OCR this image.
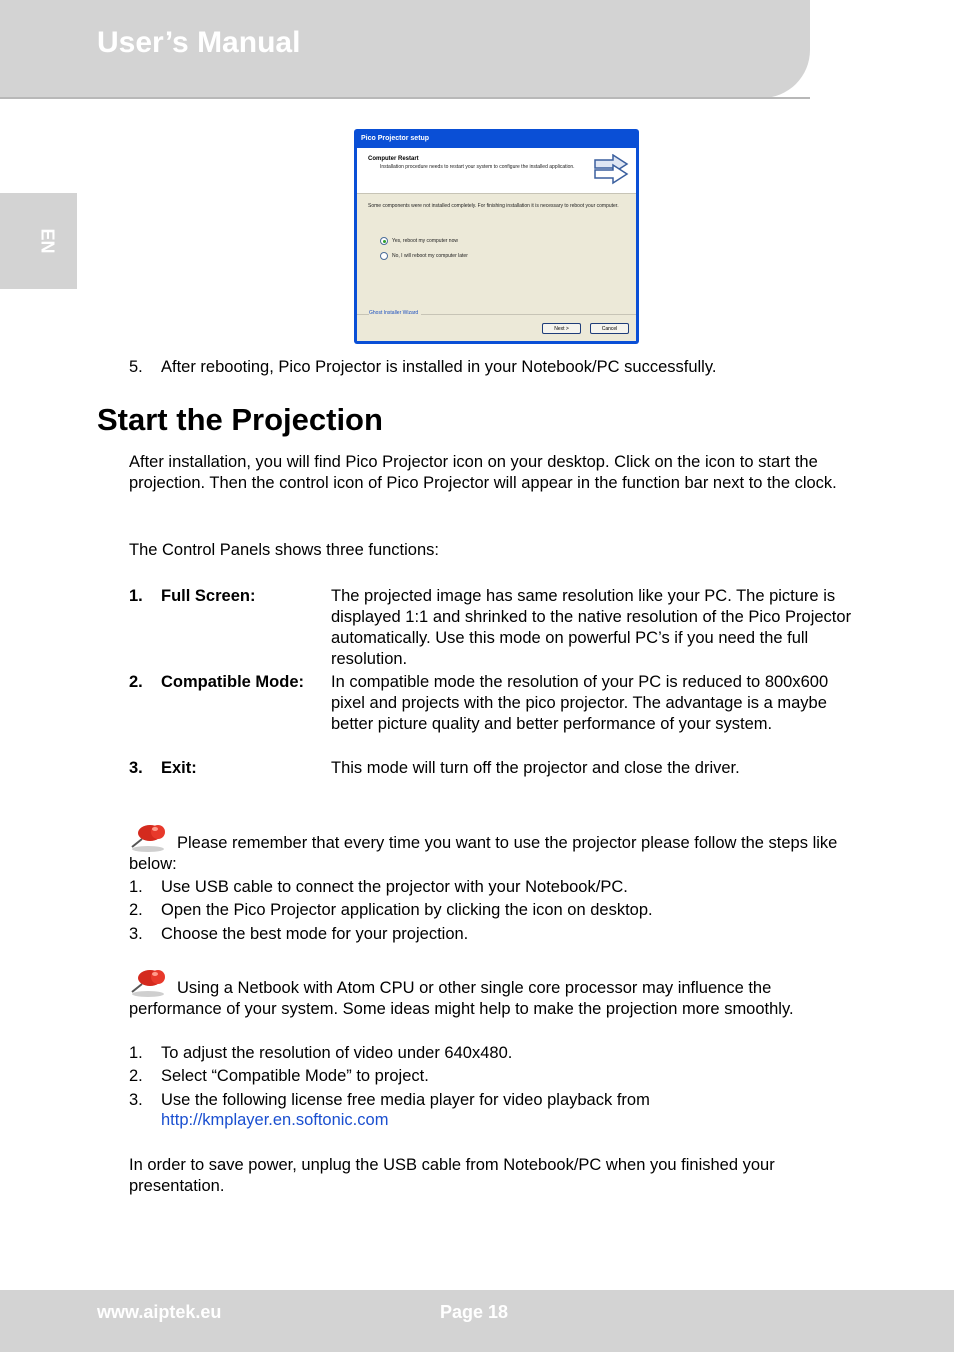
User’s Manual
EN
Pico Projector setup
Computer Restart
Installation procedure needs to restart your system to configure the installed application.
Some components were not installed completely. For finishing installation it is necessary to reboot your computer.
Yes, reboot my computer now
No, I will reboot my computer later
Ghost Installer Wizard
Next >	Cancel
5. After rebooting, Pico Projector is installed in your Notebook/PC successfully.
Start the Projection
After installation, you will find Pico Projector icon on your desktop. Click on the icon to start the projection. Then the control icon of Pico Projector will appear in the function bar next to the clock.
The Control Panels shows three functions:
1. Full Screen:	The projected image has same resolution like your PC. The picture is displayed 1:1 and shrinked to the native resolution of the Pico Projector automatically. Use this mode on powerful PC’s if you need the full resolution.
2. Compatible Mode: In compatible mode the resolution of your PC is reduced to 800x600 pixel and projects with the pico projector. The advantage is a maybe better picture quality and better performance of your system.
3. Exit:	This mode will turn off the projector and close the driver.
Please remember that every time you want to use the projector please follow the steps like below:
1. Use USB cable to connect the projector with your Notebook/PC.
2. Open the Pico Projector application by clicking the icon on desktop.
3. Choose the best mode for your projection.
Using a Netbook with Atom CPU or other single core processor may influence the performance of your system. Some ideas might help to make the projection more smoothly.
1. To adjust the resolution of video under 640x480.
2. Select “Compatible Mode” to project.
3. Use the following license free media player for video playback from
http://kmplayer.en.softonic.com
In order to save power, unplug the USB cable from Notebook/PC when you finished your presentation.
www.aiptek.eu	Page 18
